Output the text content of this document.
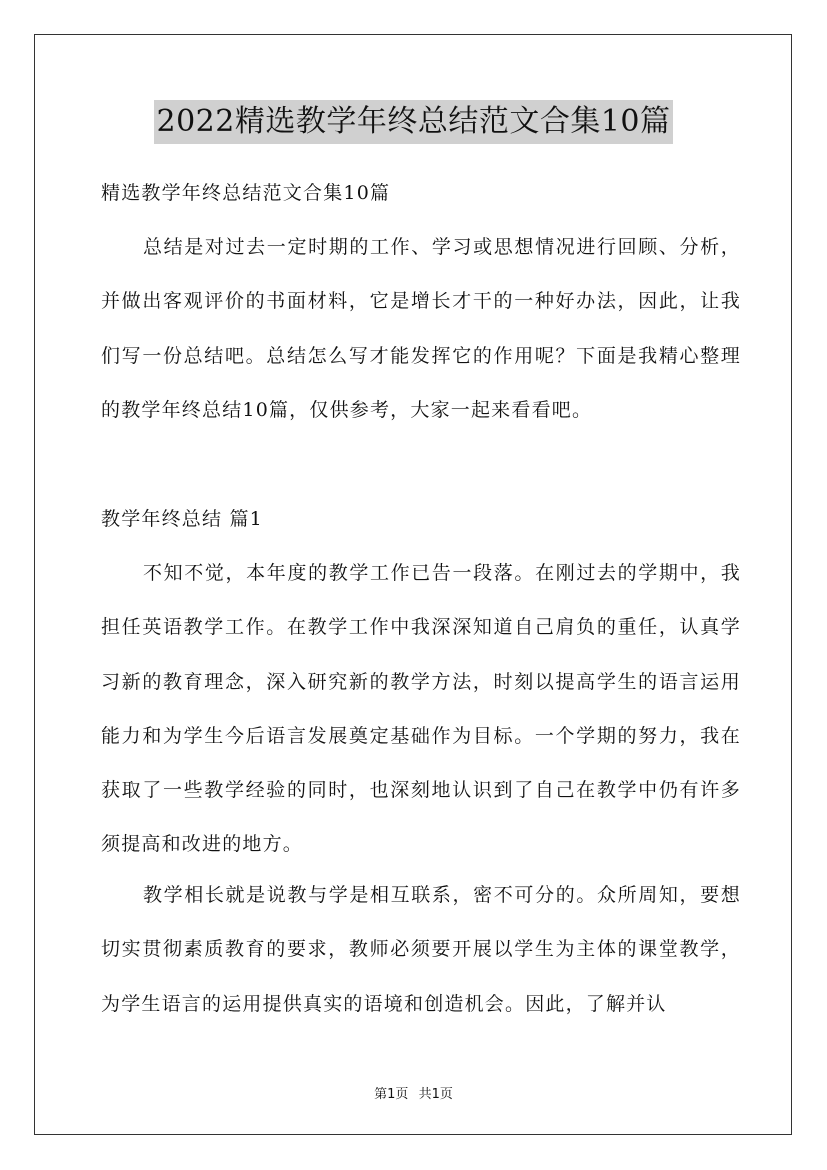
2022精选教学年终总结范文合集10篇

精选教学年终总结范文合集10篇

总结是对过去一定时期的工作、学习或思想情况进行回顾、分析，并做出客观评价的书面材料，它是增长才干的一种好办法，因此，让我们写一份总结吧。总结怎么写才能发挥它的作用呢？下面是我精心整理的教学年终总结10篇，仅供参考，大家一起来看看吧。

教学年终总结 篇1

不知不觉，本年度的教学工作已告一段落。在刚过去的学期中，我担任英语教学工作。在教学工作中我深深知道自己肩负的重任，认真学习新的教育理念，深入研究新的教学方法，时刻以提高学生的语言运用能力和为学生今后语言发展奠定基础作为目标。一个学期的努力，我在获取了一些教学经验的同时，也深刻地认识到了自己在教学中仍有许多须提高和改进的地方。

教学相长就是说教与学是相互联系，密不可分的。众所周知，要想切实贯彻素质教育的要求，教师必须要开展以学生为主体的课堂教学，为学生语言的运用提供真实的语境和创造机会。因此，了解并认

第1页 共1页
